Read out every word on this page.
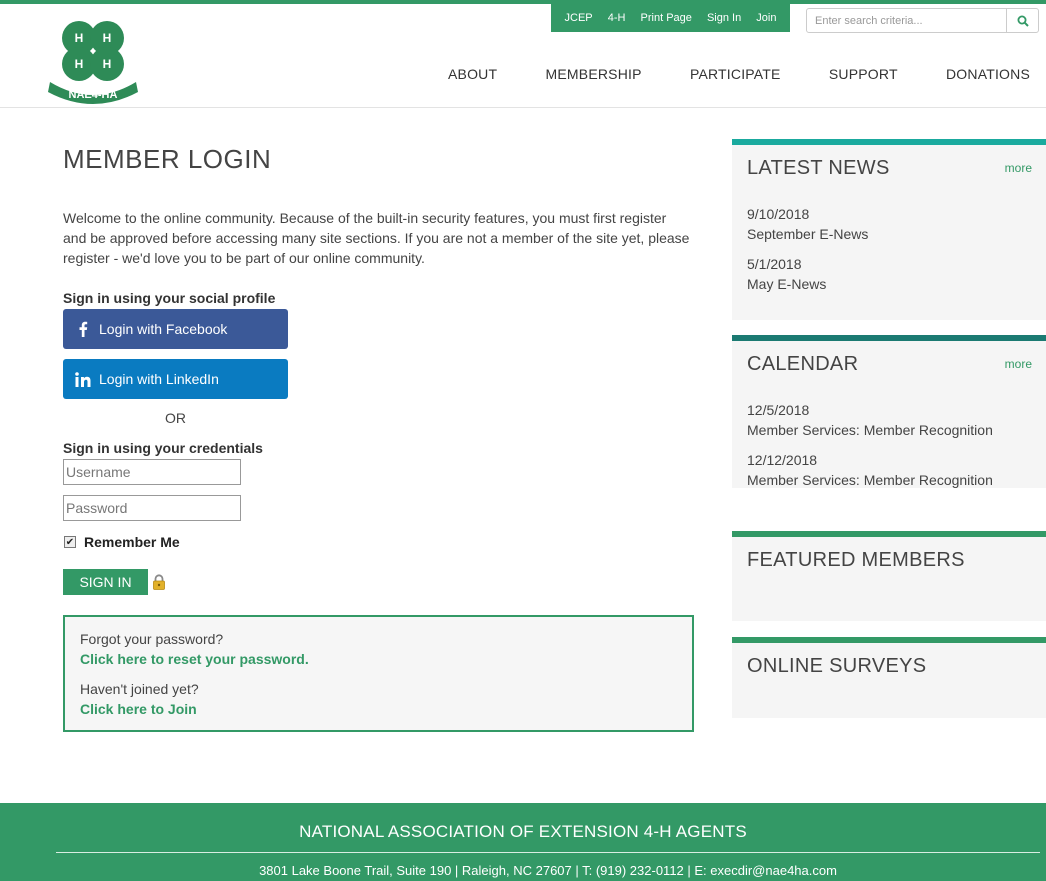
H H
H H
NAE4-HA
JCEP 4-H Print Page Sign In Join
Enter search criteria...
ABOUT	MEMBERSHIP	PARTICIPATE	SUPPORT	DONATIONS
MEMBER LOGIN

Welcome to the online community. Because of the built-in security features, you must first register and be approved before accessing many site sections. If you are not a member of the site yet, please register - we'd love you to be part of our online community.

Sign in using your social profile
Login with Facebook
Login with LinkedIn
OR
Sign in using your credentials
Username
✔ Remember Me
SIGN IN
Forgot your password?
Click here to reset your password.
Haven't joined yet?
Click here to Join
LATEST NEWS	more
9/10/2018
September E-News
5/1/2018
May E-News
CALENDAR	more
12/5/2018
Member Services: Member Recognition
12/12/2018
Member Services: Member Recognition
FEATURED MEMBERS
ONLINE SURVEYS
NATIONAL ASSOCIATION OF EXTENSION 4-H AGENTS
3801 Lake Boone Trail, Suite 190 | Raleigh, NC 27607 | T: (919) 232-0112 | E: execdir@nae4ha.com
